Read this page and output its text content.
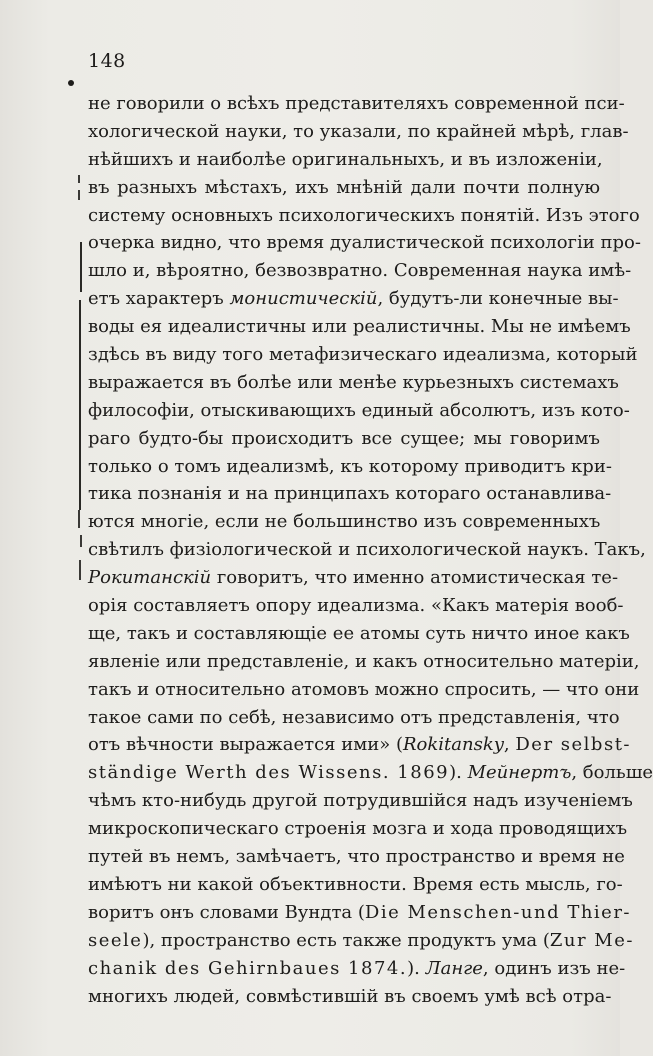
148
не говорили о всѣхъ представителяхъ современной пси-
хологической науки, то указали, по крайней мѣрѣ, глав-
нѣйшихъ и наиболѣе оригинальныхъ, и въ изложеніи,
въ разныхъ мѣстахъ, ихъ мнѣній дали почти полную
систему основныхъ психологическихъ понятій. Изъ этого
очерка видно, что время дуалистической психологіи про-
шло и, вѣроятно, безвозвратно. Современная наука имѣ-
етъ характеръ монистическій, будутъ-ли конечные вы-
воды ея идеалистичны или реалистичны. Мы не имѣемъ
здѣсь въ виду того метафизическаго идеализма, который
выражается въ болѣе или менѣе курьезныхъ системахъ
философіи, отыскивающихъ единый абсолютъ, изъ кото-
раго будто-бы происходитъ все сущее; мы говоримъ
только о томъ идеализмѣ, къ которому приводитъ кри-
тика познанія и на принципахъ котораго останавлива-
ются многіе, если не большинство изъ современныхъ
свѣтилъ физіологической и психологической наукъ. Такъ,
Рокитанскій говоритъ, что именно атомистическая те-
орія составляетъ опору идеализма. «Какъ матерія вооб-
ще, такъ и составляющіе ее атомы суть ничто иное какъ
явленіе или представленіе, и какъ относительно матеріи,
такъ и относительно атомовъ можно спросить, — что они
такое сами по себѣ, независимо отъ представленія, что
отъ вѣчности выражается ими» (Rokitansky, Der selbst-
ständige Werth des Wissens. 1869). Мейнертъ, больше
чѣмъ кто-нибудь другой потрудившійся надъ изученіемъ
микроскопическаго строенія мозга и хода проводящихъ
путей въ немъ, замѣчаетъ, что пространство и время не
имѣютъ ни какой объективности. Время есть мысль, го-
воритъ онъ словами Вундта (Die Menschen-und Thier-
seele), пространство есть также продуктъ ума (Zur Me-
chanik des Gehirnbaues 1874.). Ланге, одинъ изъ не-
многихъ людей, совмѣстившій въ своемъ умѣ всѣ отра-
